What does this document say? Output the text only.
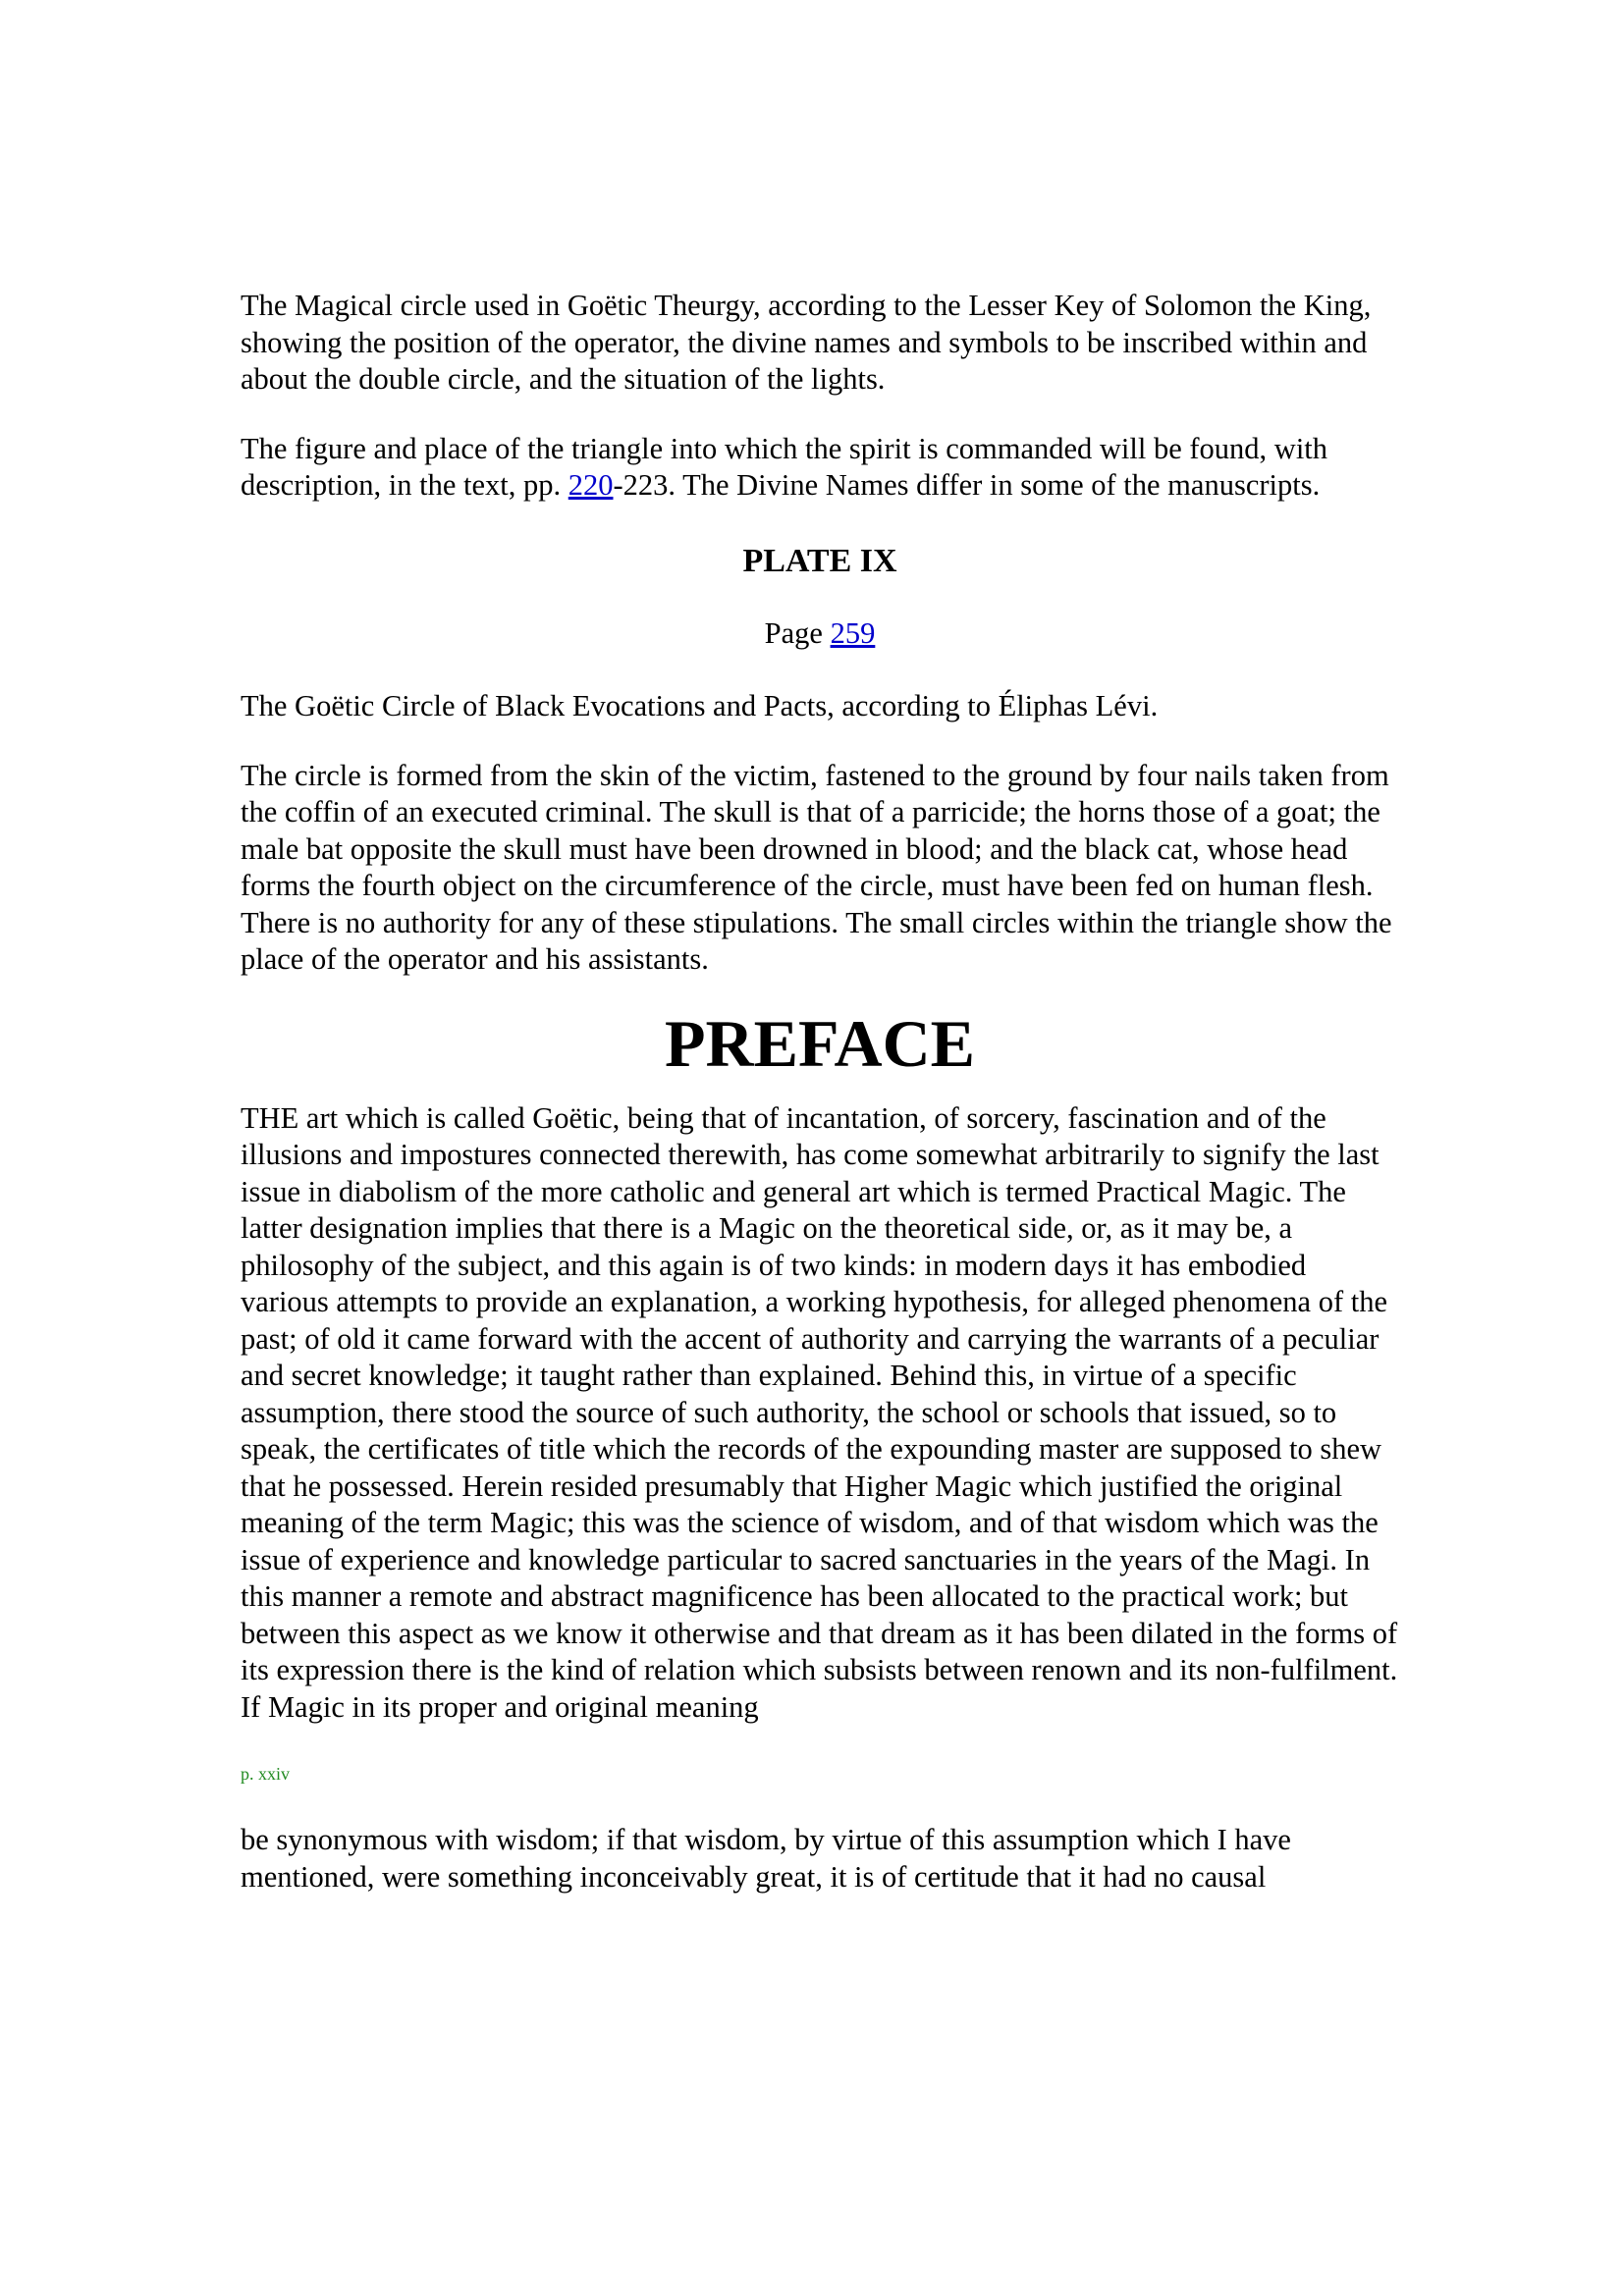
The Magical circle used in Goëtic Theurgy, according to the Lesser Key of Solomon the King, showing the position of the operator, the divine names and symbols to be inscribed within and about the double circle, and the situation of the lights.

The figure and place of the triangle into which the spirit is commanded will be found, with description, in the text, pp. 220-223. The Divine Names differ in some of the manuscripts.

PLATE IX

Page 259

The Goëtic Circle of Black Evocations and Pacts, according to Éliphas Lévi.

The circle is formed from the skin of the victim, fastened to the ground by four nails taken from the coffin of an executed criminal. The skull is that of a parricide; the horns those of a goat; the male bat opposite the skull must have been drowned in blood; and the black cat, whose head forms the fourth object on the circumference of the circle, must have been fed on human flesh. There is no authority for any of these stipulations. The small circles within the triangle show the place of the operator and his assistants.

PREFACE

THE art which is called Goëtic, being that of incantation, of sorcery, fascination and of the illusions and impostures connected therewith, has come somewhat arbitrarily to signify the last issue in diabolism of the more catholic and general art which is termed Practical Magic. The latter designation implies that there is a Magic on the theoretical side, or, as it may be, a philosophy of the subject, and this again is of two kinds: in modern days it has embodied various attempts to provide an explanation, a working hypothesis, for alleged phenomena of the past; of old it came forward with the accent of authority and carrying the warrants of a peculiar and secret knowledge; it taught rather than explained. Behind this, in virtue of a specific assumption, there stood the source of such authority, the school or schools that issued, so to speak, the certificates of title which the records of the expounding master are supposed to shew that he possessed. Herein resided presumably that Higher Magic which justified the original meaning of the term Magic; this was the science of wisdom, and of that wisdom which was the issue of experience and knowledge particular to sacred sanctuaries in the years of the Magi. In this manner a remote and abstract magnificence has been allocated to the practical work; but between this aspect as we know it otherwise and that dream as it has been dilated in the forms of its expression there is the kind of relation which subsists between renown and its non-fulfilment. If Magic in its proper and original meaning

p. xxiv

be synonymous with wisdom; if that wisdom, by virtue of this assumption which I have mentioned, were something inconceivably great, it is of certitude that it had no causal
